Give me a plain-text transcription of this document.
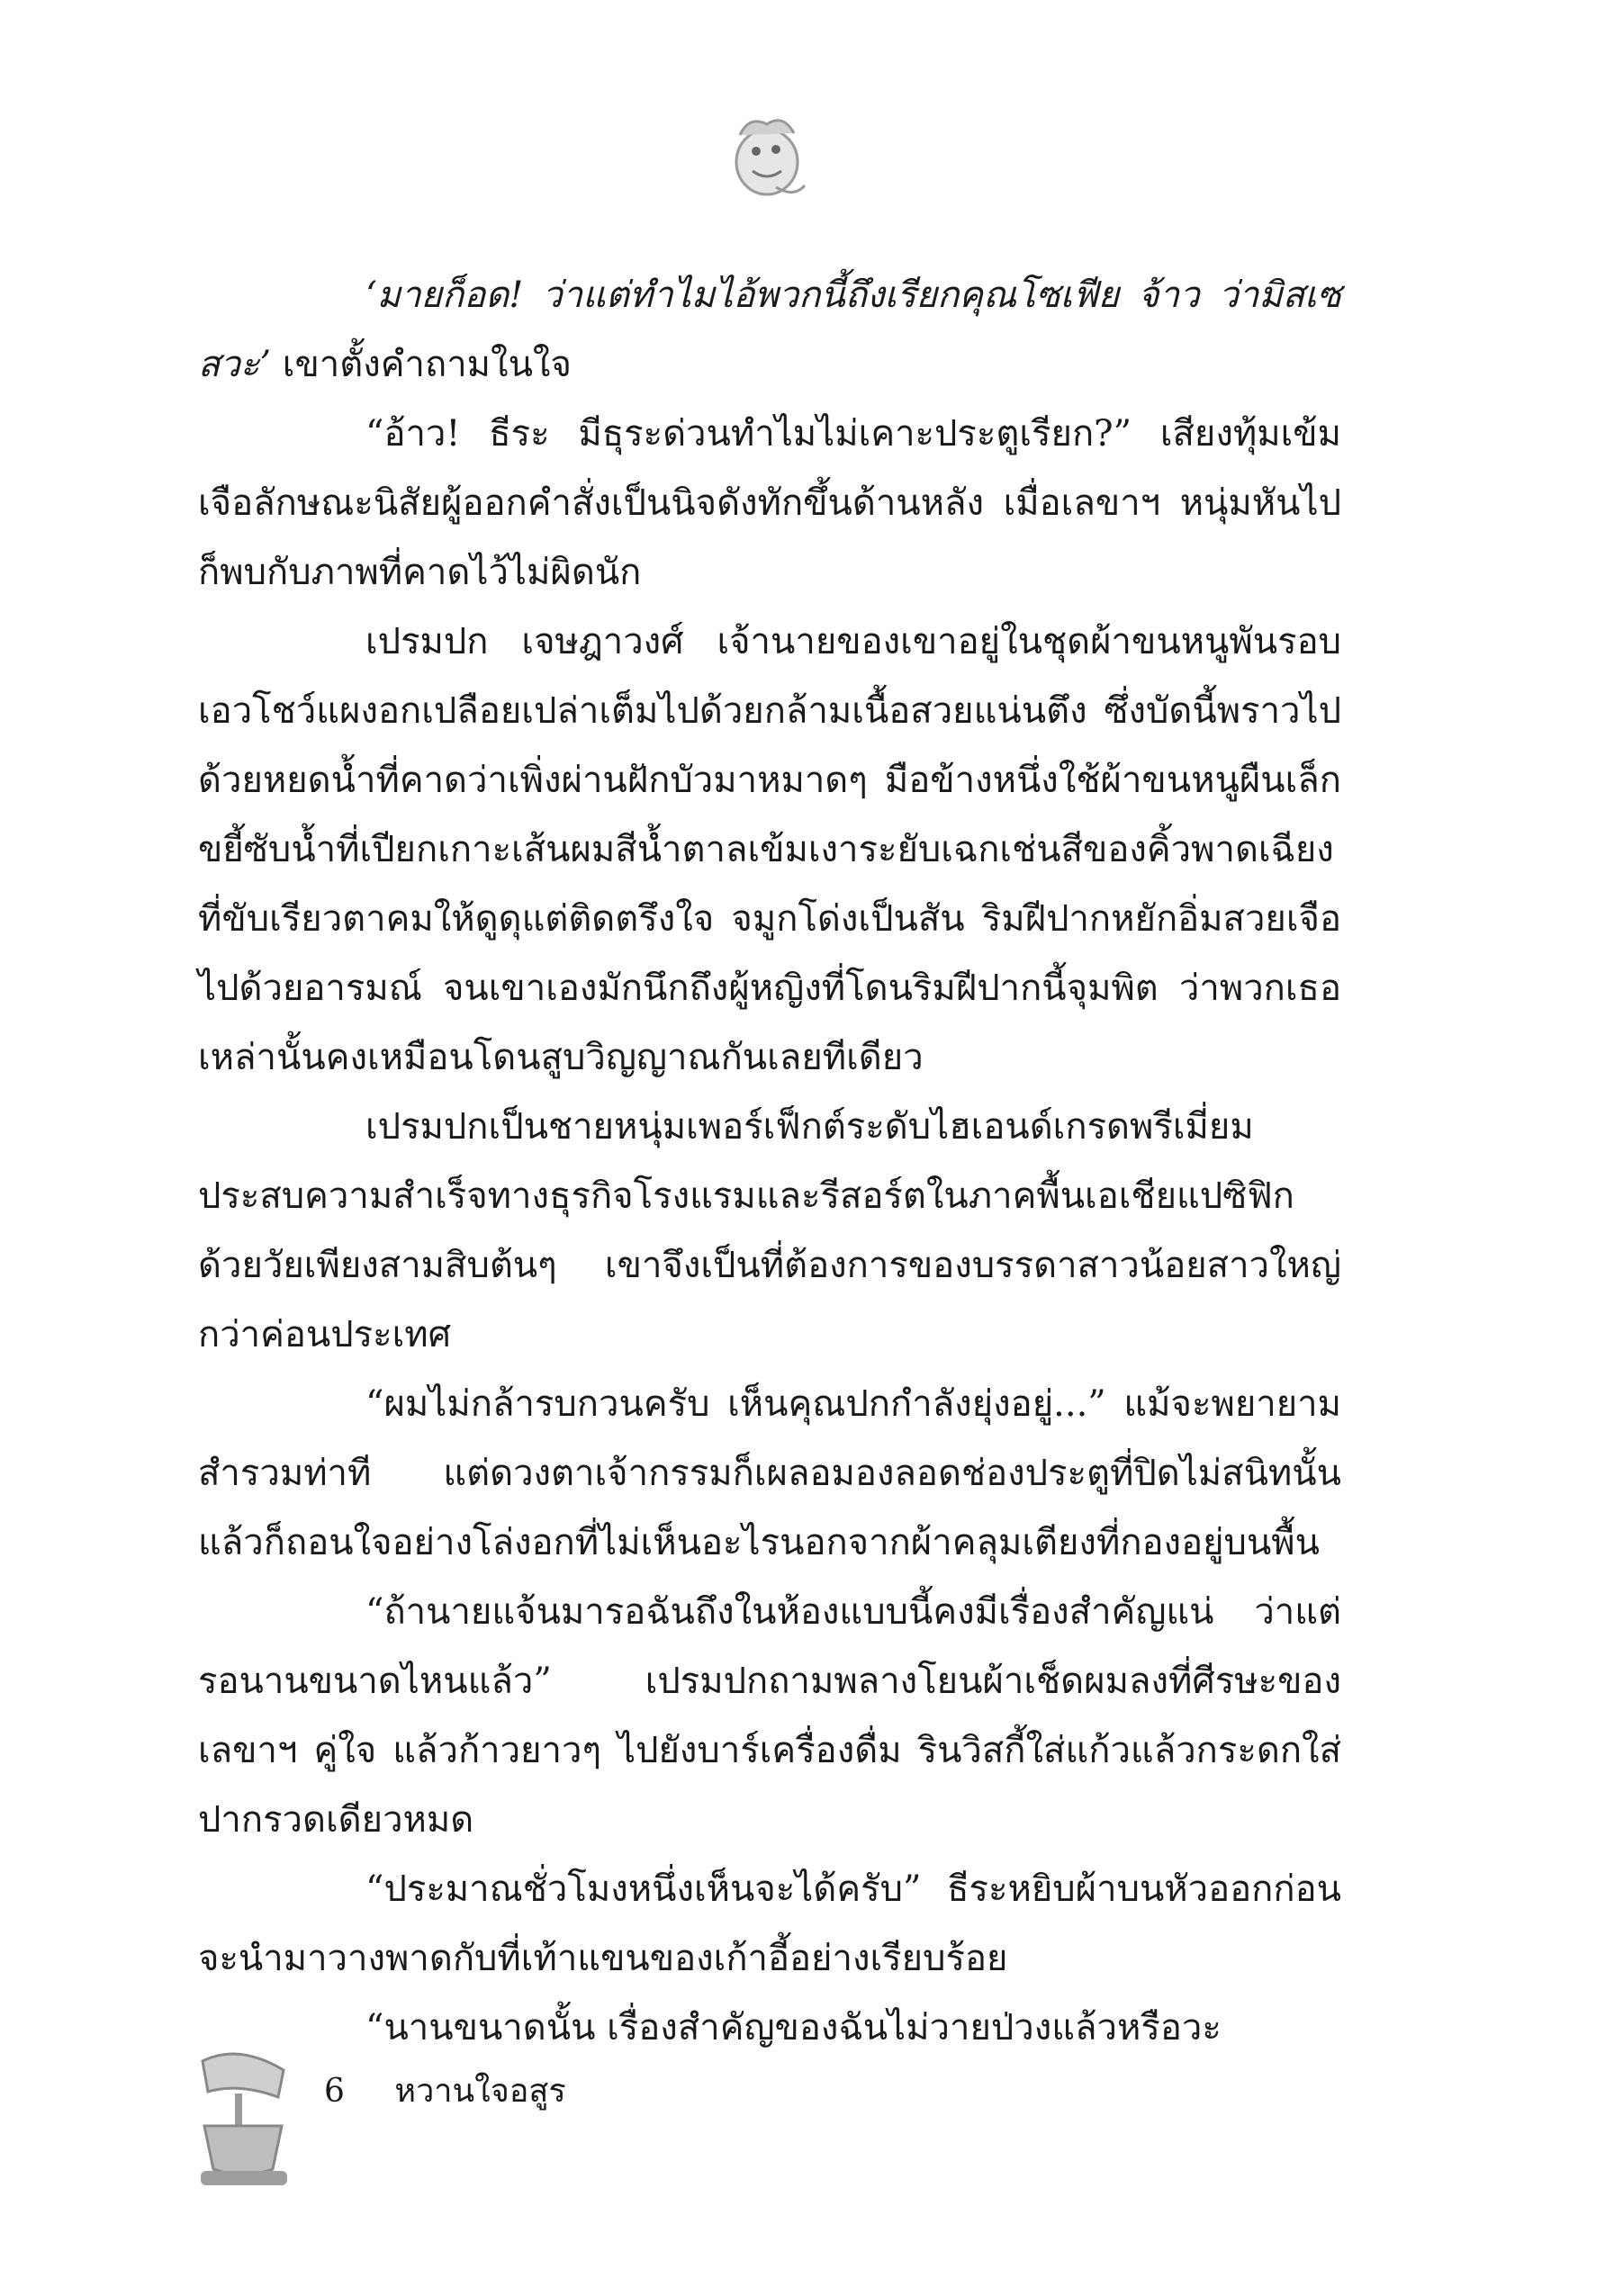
‘มายก็อด! ว่าแต่ทำไมไอ้พวกนี้ถึงเรียกคุณโซเฟีย จ้าว ว่ามิสเซสวะ’ เขาตั้งคำถามในใจ

“อ้าว! ธีระ มีธุระด่วนทำไมไม่เคาะประตูเรียก?” เสียงทุ้มเข้มเจือลักษณะนิสัยผู้ออกคำสั่งเป็นนิจดังทักขึ้นด้านหลัง เมื่อเลขาฯ หนุ่มหันไปก็พบกับภาพที่คาดไว้ไม่ผิดนัก

เปรมปก เจษฎาวงศ์ เจ้านายของเขาอยู่ในชุดผ้าขนหนูพันรอบเอวโชว์แผงอกเปลือยเปล่าเต็มไปด้วยกล้ามเนื้อสวยแน่นตึง ซึ่งบัดนี้พราวไปด้วยหยดน้ำที่คาดว่าเพิ่งผ่านฝักบัวมาหมาดๆ มือข้างหนึ่งใช้ผ้าขนหนูผืนเล็กขยี้ซับน้ำที่เปียกเกาะเส้นผมสีน้ำตาลเข้มเงาระยับเฉกเช่นสีของคิ้วพาดเฉียง ที่ขับเรียวตาคมให้ดูดุแต่ติดตรึงใจ จมูกโด่งเป็นสัน ริมฝีปากหยักอิ่มสวยเจือไปด้วยอารมณ์ จนเขาเองมักนึกถึงผู้หญิงที่โดนริมฝีปากนี้จุมพิต ว่าพวกเธอเหล่านั้นคงเหมือนโดนสูบวิญญาณกันเลยทีเดียว

เปรมปกเป็นชายหนุ่มเพอร์เฟ็กต์ระดับไฮเอนด์เกรดพรีเมี่ยม ประสบความสำเร็จทางธุรกิจโรงแรมและรีสอร์ตในภาคพื้นเอเชียแปซิฟิก ด้วยวัยเพียงสามสิบต้นๆ เขาจึงเป็นที่ต้องการของบรรดาสาวน้อยสาวใหญ่กว่าค่อนประเทศ

“ผมไม่กล้ารบกวนครับ เห็นคุณปกกำลังยุ่งอยู่...” แม้จะพยายามสำรวมท่าที แต่ดวงตาเจ้ากรรมก็เผลอมองลอดช่องประตูที่ปิดไม่สนิทนั้น แล้วก็ถอนใจอย่างโล่งอกที่ไม่เห็นอะไรนอกจากผ้าคลุมเตียงที่กองอยู่บนพื้น

“ถ้านายแจ้นมารอฉันถึงในห้องแบบนี้คงมีเรื่องสำคัญแน่ ว่าแต่รอนานขนาดไหนแล้ว” เปรมปกถามพลางโยนผ้าเช็ดผมลงที่ศีรษะของเลขาฯ คู่ใจ แล้วก้าวยาวๆ ไปยังบาร์เครื่องดื่ม รินวิสกี้ใส่แก้วแล้วกระดกใส่ปากรวดเดียวหมด

“ประมาณชั่วโมงหนึ่งเห็นจะได้ครับ” ธีระหยิบผ้าบนหัวออกก่อนจะนำมาวางพาดกับที่เท้าแขนของเก้าอี้อย่างเรียบร้อย

“นานขนาดนั้น เรื่องสำคัญของฉันไม่วายป่วงแล้วหรือวะ

6 หวานใจอสูร
